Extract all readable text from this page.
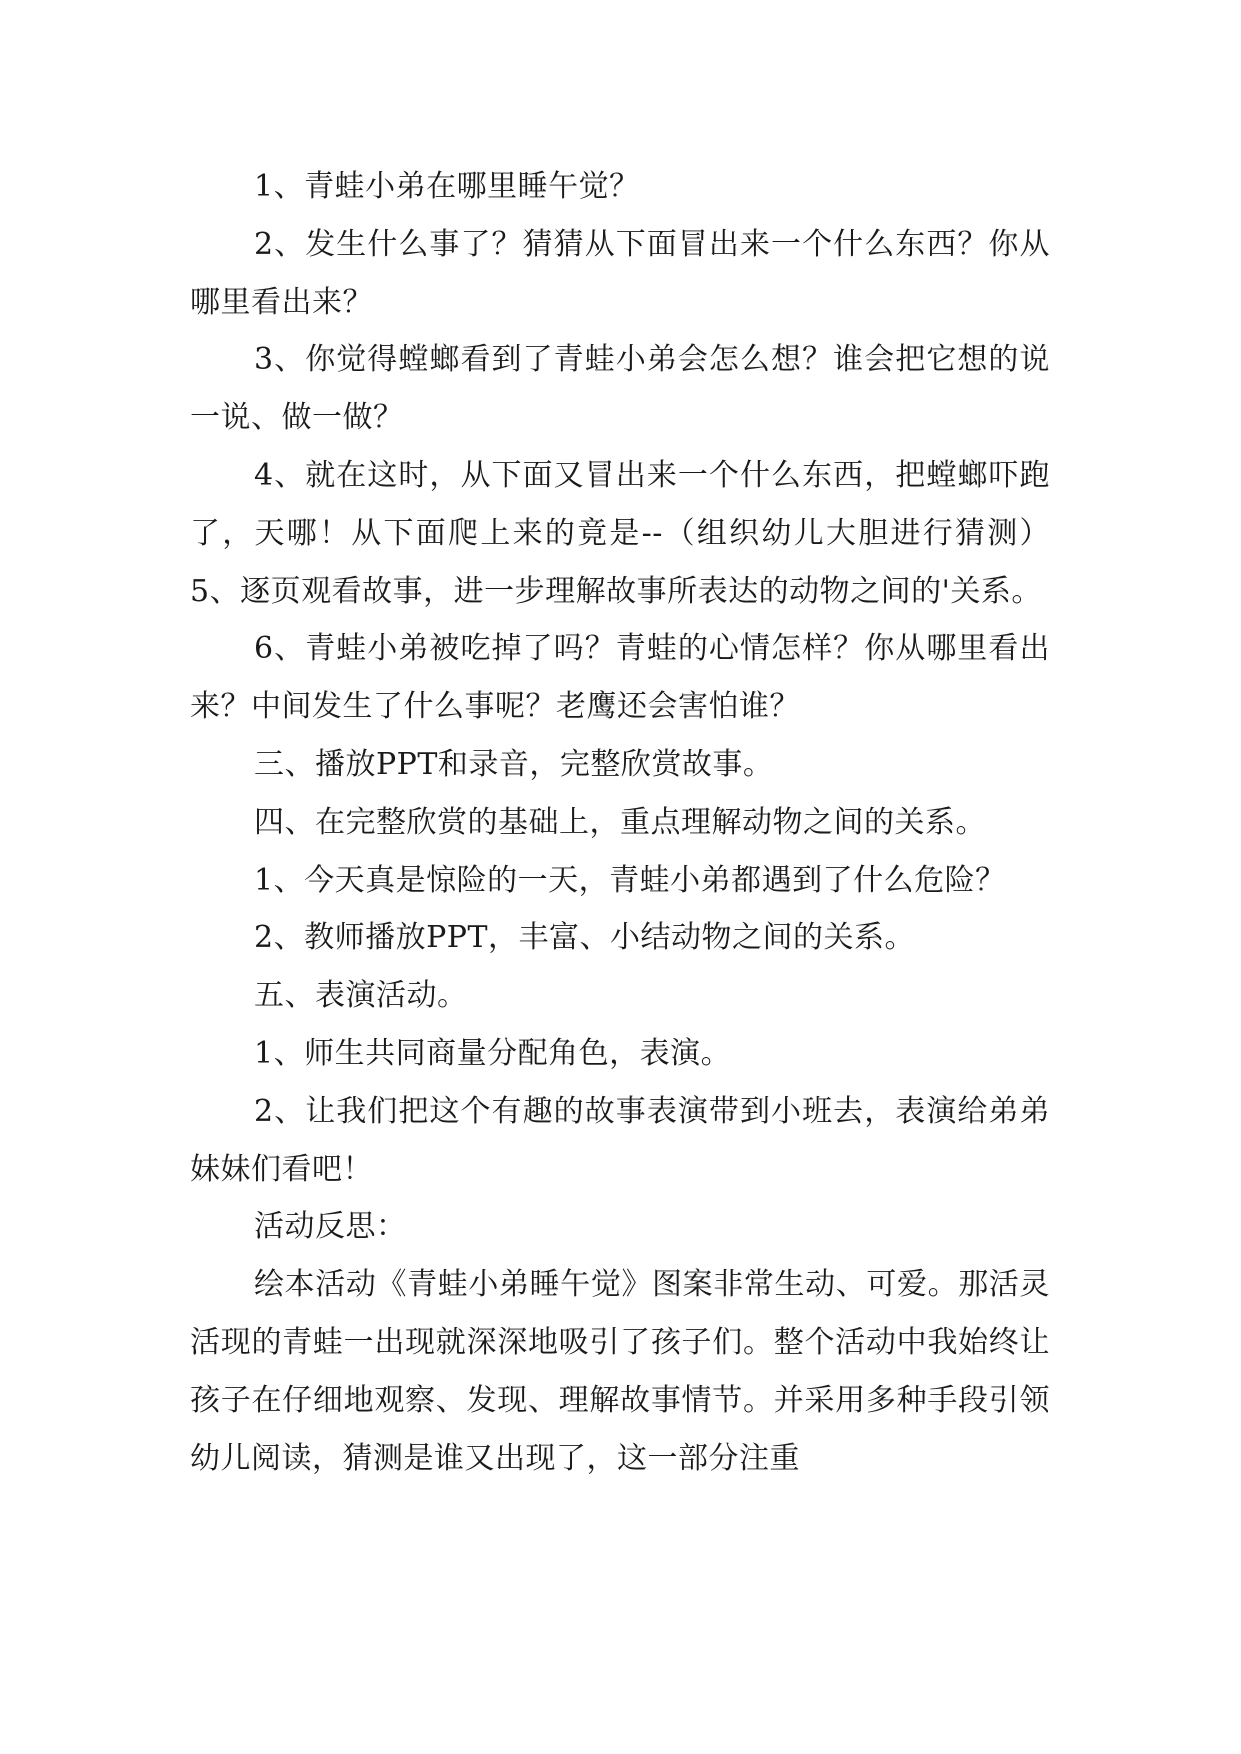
1、青蛙小弟在哪里睡午觉？

2、发生什么事了？猜猜从下面冒出来一个什么东西？你从哪里看出来？

3、你觉得螳螂看到了青蛙小弟会怎么想？谁会把它想的说一说、做一做？

4、就在这时，从下面又冒出来一个什么东西，把螳螂吓跑了，天哪！从下面爬上来的竟是--（组织幼儿大胆进行猜测）5、逐页观看故事，进一步理解故事所表达的动物之间的'关系。

6、青蛙小弟被吃掉了吗？青蛙的心情怎样？你从哪里看出来？中间发生了什么事呢？老鹰还会害怕谁？

三、播放PPT和录音，完整欣赏故事。

四、在完整欣赏的基础上，重点理解动物之间的关系。

1、今天真是惊险的一天，青蛙小弟都遇到了什么危险？

2、教师播放PPT，丰富、小结动物之间的关系。

五、表演活动。

1、师生共同商量分配角色，表演。

2、让我们把这个有趣的故事表演带到小班去，表演给弟弟妹妹们看吧！

活动反思：

绘本活动《青蛙小弟睡午觉》图案非常生动、可爱。那活灵活现的青蛙一出现就深深地吸引了孩子们。整个活动中我始终让孩子在仔细地观察、发现、理解故事情节。并采用多种手段引领幼儿阅读，猜测是谁又出现了，这一部分注重
